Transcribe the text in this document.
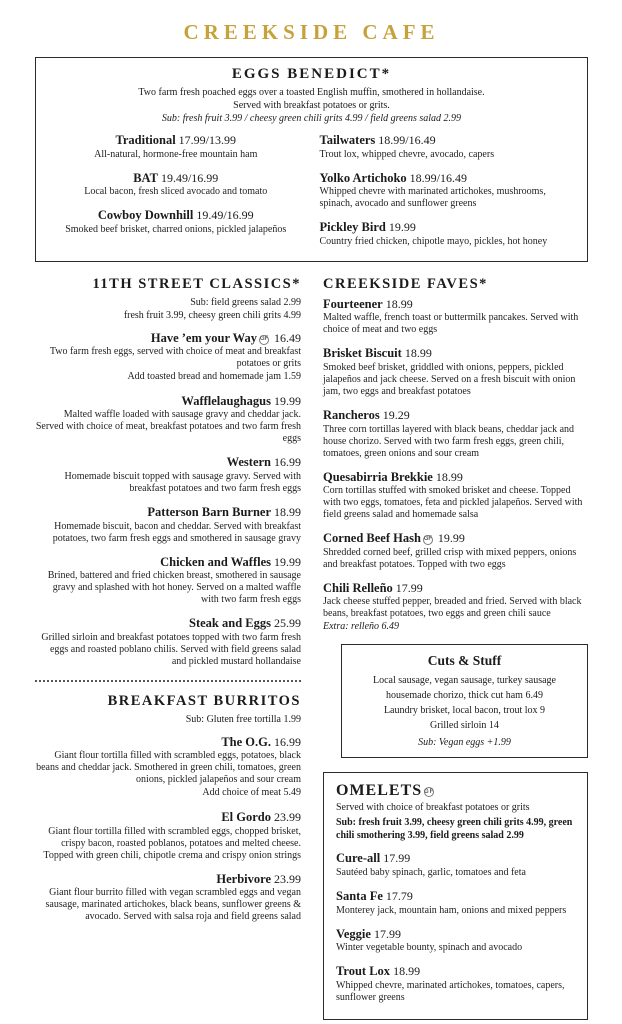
CREEKSIDE CAFE
EGGS BENEDICT*

Two farm fresh poached eggs over a toasted English muffin, smothered in hollandaise.

Served with breakfast potatoes or grits.

Sub: fresh fruit 3.99 / cheesy green chili grits 4.99 / field greens salad 2.99

Traditional 17.99/13.99
All-natural, hormone-free mountain ham
BAT 19.49/16.99
Local bacon, fresh sliced avocado and tomato
Cowboy Downhill 19.49/16.99
Smoked beef brisket, charred onions, pickled jalapeños
Tailwaters 18.99/16.49
Trout lox, whipped chevre, avocado, capers
Yolko Artichoko 18.99/16.49
Whipped chevre with marinated artichokes, mushrooms, spinach, avocado and sunflower greens
Pickley Bird 19.99
Country fried chicken, chipotle mayo, pickles, hot honey
11TH STREET CLASSICS*

Sub: field greens salad 2.99

fresh fruit 3.99, cheesy green chili grits 4.99

Have ’em your Way GF 16.49
Two farm fresh eggs, served with choice of meat and breakfast potatoes or grits
Add toasted bread and homemade jam 1.59
Wafflelaughagus 19.99
Malted waffle loaded with sausage gravy and cheddar jack. Served with choice of meat, breakfast potatoes and two farm fresh eggs
Western 16.99
Homemade biscuit topped with sausage gravy. Served with breakfast potatoes and two farm fresh eggs
Patterson Barn Burner 18.99
Homemade biscuit, bacon and cheddar. Served with breakfast potatoes, two farm fresh eggs and smothered in sausage gravy
Chicken and Waffles 19.99
Brined, battered and fried chicken breast, smothered in sausage gravy and splashed with hot honey. Served on a malted waffle with two farm fresh eggs
Steak and Eggs 25.99
Grilled sirloin and breakfast potatoes topped with two farm fresh eggs and roasted poblano chilis. Served with field greens salad and pickled mustard hollandaise
BREAKFAST BURRITOS

Sub: Gluten free tortilla 1.99

The O.G. 16.99
Giant flour tortilla filled with scrambled eggs, potatoes, black beans and cheddar jack. Smothered in green chili, tomatoes, green onions, pickled jalapeños and sour cream
Add choice of meat 5.49
El Gordo 23.99
Giant flour tortilla filled with scrambled eggs, chopped brisket, crispy bacon, roasted poblanos, potatoes and melted cheese. Topped with green chili, chipotle crema and crispy onion strings
Herbivore 23.99
Giant flour burrito filled with vegan scrambled eggs and vegan sausage, marinated artichokes, black beans, sunflower greens & avocado. Served with salsa roja and field greens salad
CREEKSIDE FAVES*
Fourteener 18.99
Malted waffle, french toast or buttermilk pancakes. Served with choice of meat and two eggs
Brisket Biscuit 18.99
Smoked beef brisket, griddled with onions, peppers, pickled jalapeños and jack cheese. Served on a fresh biscuit with onion jam, two eggs and breakfast potatoes
Rancheros 19.29
Three corn tortillas layered with black beans, cheddar jack and house chorizo. Served with two farm fresh eggs, green chili, tomatoes, green onions and sour cream
Quesabirria Brekkie 18.99
Corn tortillas stuffed with smoked brisket and cheese. Topped with two eggs, tomatoes, feta and pickled jalapeños. Served with field greens salad and homemade salsa
Corned Beef Hash GF 19.99
Shredded corned beef, grilled crisp with mixed peppers, onions and breakfast potatoes. Topped with two eggs
Chili Relleño 17.99
Jack cheese stuffed pepper, breaded and fried. Served with black beans, breakfast potatoes, two eggs and green chili sauce
Extra: relleño 6.49
Cuts & Stuff
Local sausage, vegan sausage, turkey sausage
housemade chorizo, thick cut ham 6.49
Laundry brisket, local bacon, trout lox 9
Grilled sirloin 14
Sub: Vegan eggs +1.99
OMELETS GF

Served with choice of breakfast potatoes or grits

Sub: fresh fruit 3.99, cheesy green chili grits 4.99, green chili smothering 3.99, field greens salad 2.99

Cure-all 17.99
Sautéed baby spinach, garlic, tomatoes and feta
Santa Fe 17.79
Monterey jack, mountain ham, onions and mixed peppers
Veggie 17.99
Winter vegetable bounty, spinach and avocado
Trout Lox 18.99
Whipped chevre, marinated artichokes, tomatoes, capers, sunflower greens
